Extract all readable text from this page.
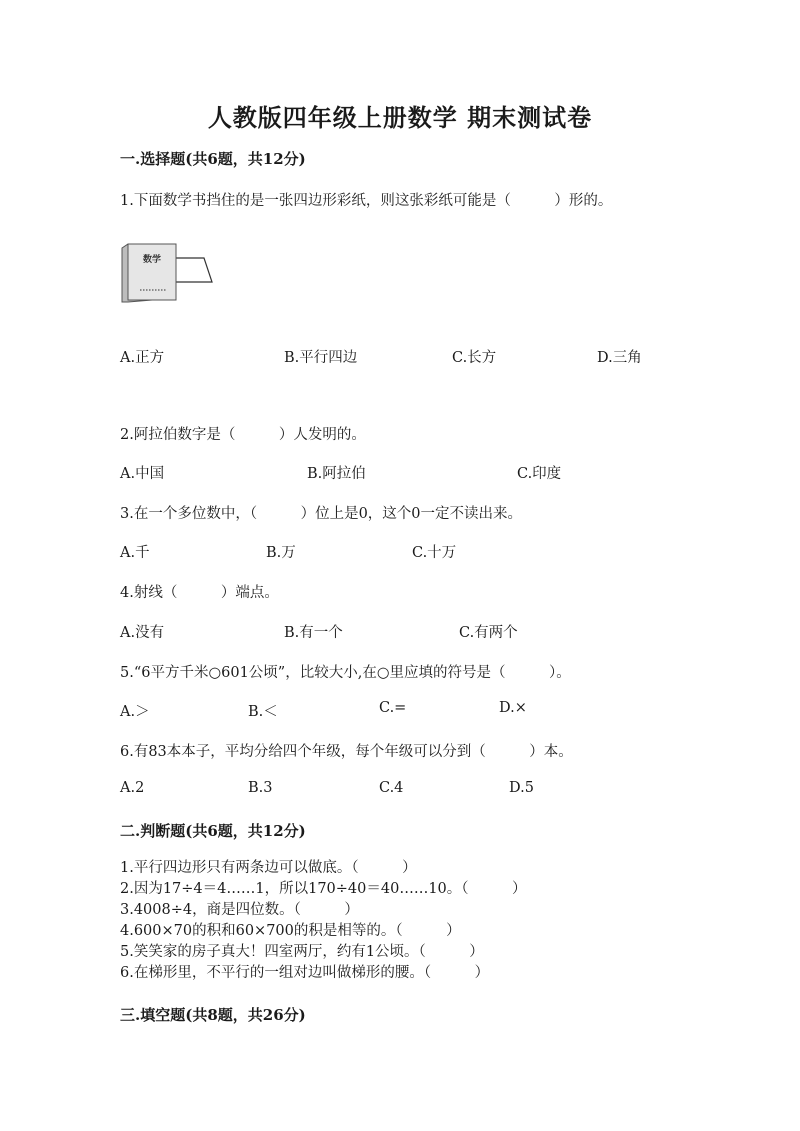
人教版四年级上册数学 期末测试卷
一.选择题(共6题，共12分)
1.下面数学书挡住的是一张四边形彩纸，则这张彩纸可能是（　　　）形的。
数学
A.正方	B.平行四边	C.长方	D.三角
2.阿拉伯数字是（　　　）人发明的。
A.中国	B.阿拉伯	C.印度
3.在一个多位数中，（　　　）位上是0，这个0一定不读出来。
A.千	B.万	C.十万
4.射线（　　　）端点。
A.没有	B.有一个	C.有两个
5.“6平方千米○601公顷”，比较大小,在○里应填的符号是（　　　）。
A.＞	B.＜	C.=	D.×
6.有83本本子，平均分给四个年级，每个年级可以分到（　　　）本。
A.2	B.3	C.4	D.5
二.判断题(共6题，共12分)
1.平行四边形只有两条边可以做底。（　　　）
2.因为17÷4＝4……1，所以170÷40＝40……10。（　　　）
3.4008÷4，商是四位数。（　　　）
4.600×70的积和60×700的积是相等的。（　　　）
5.笑笑家的房子真大！四室两厅，约有1公顷。（　　　）
6.在梯形里，不平行的一组对边叫做梯形的腰。（　　　）
三.填空题(共8题，共26分)
